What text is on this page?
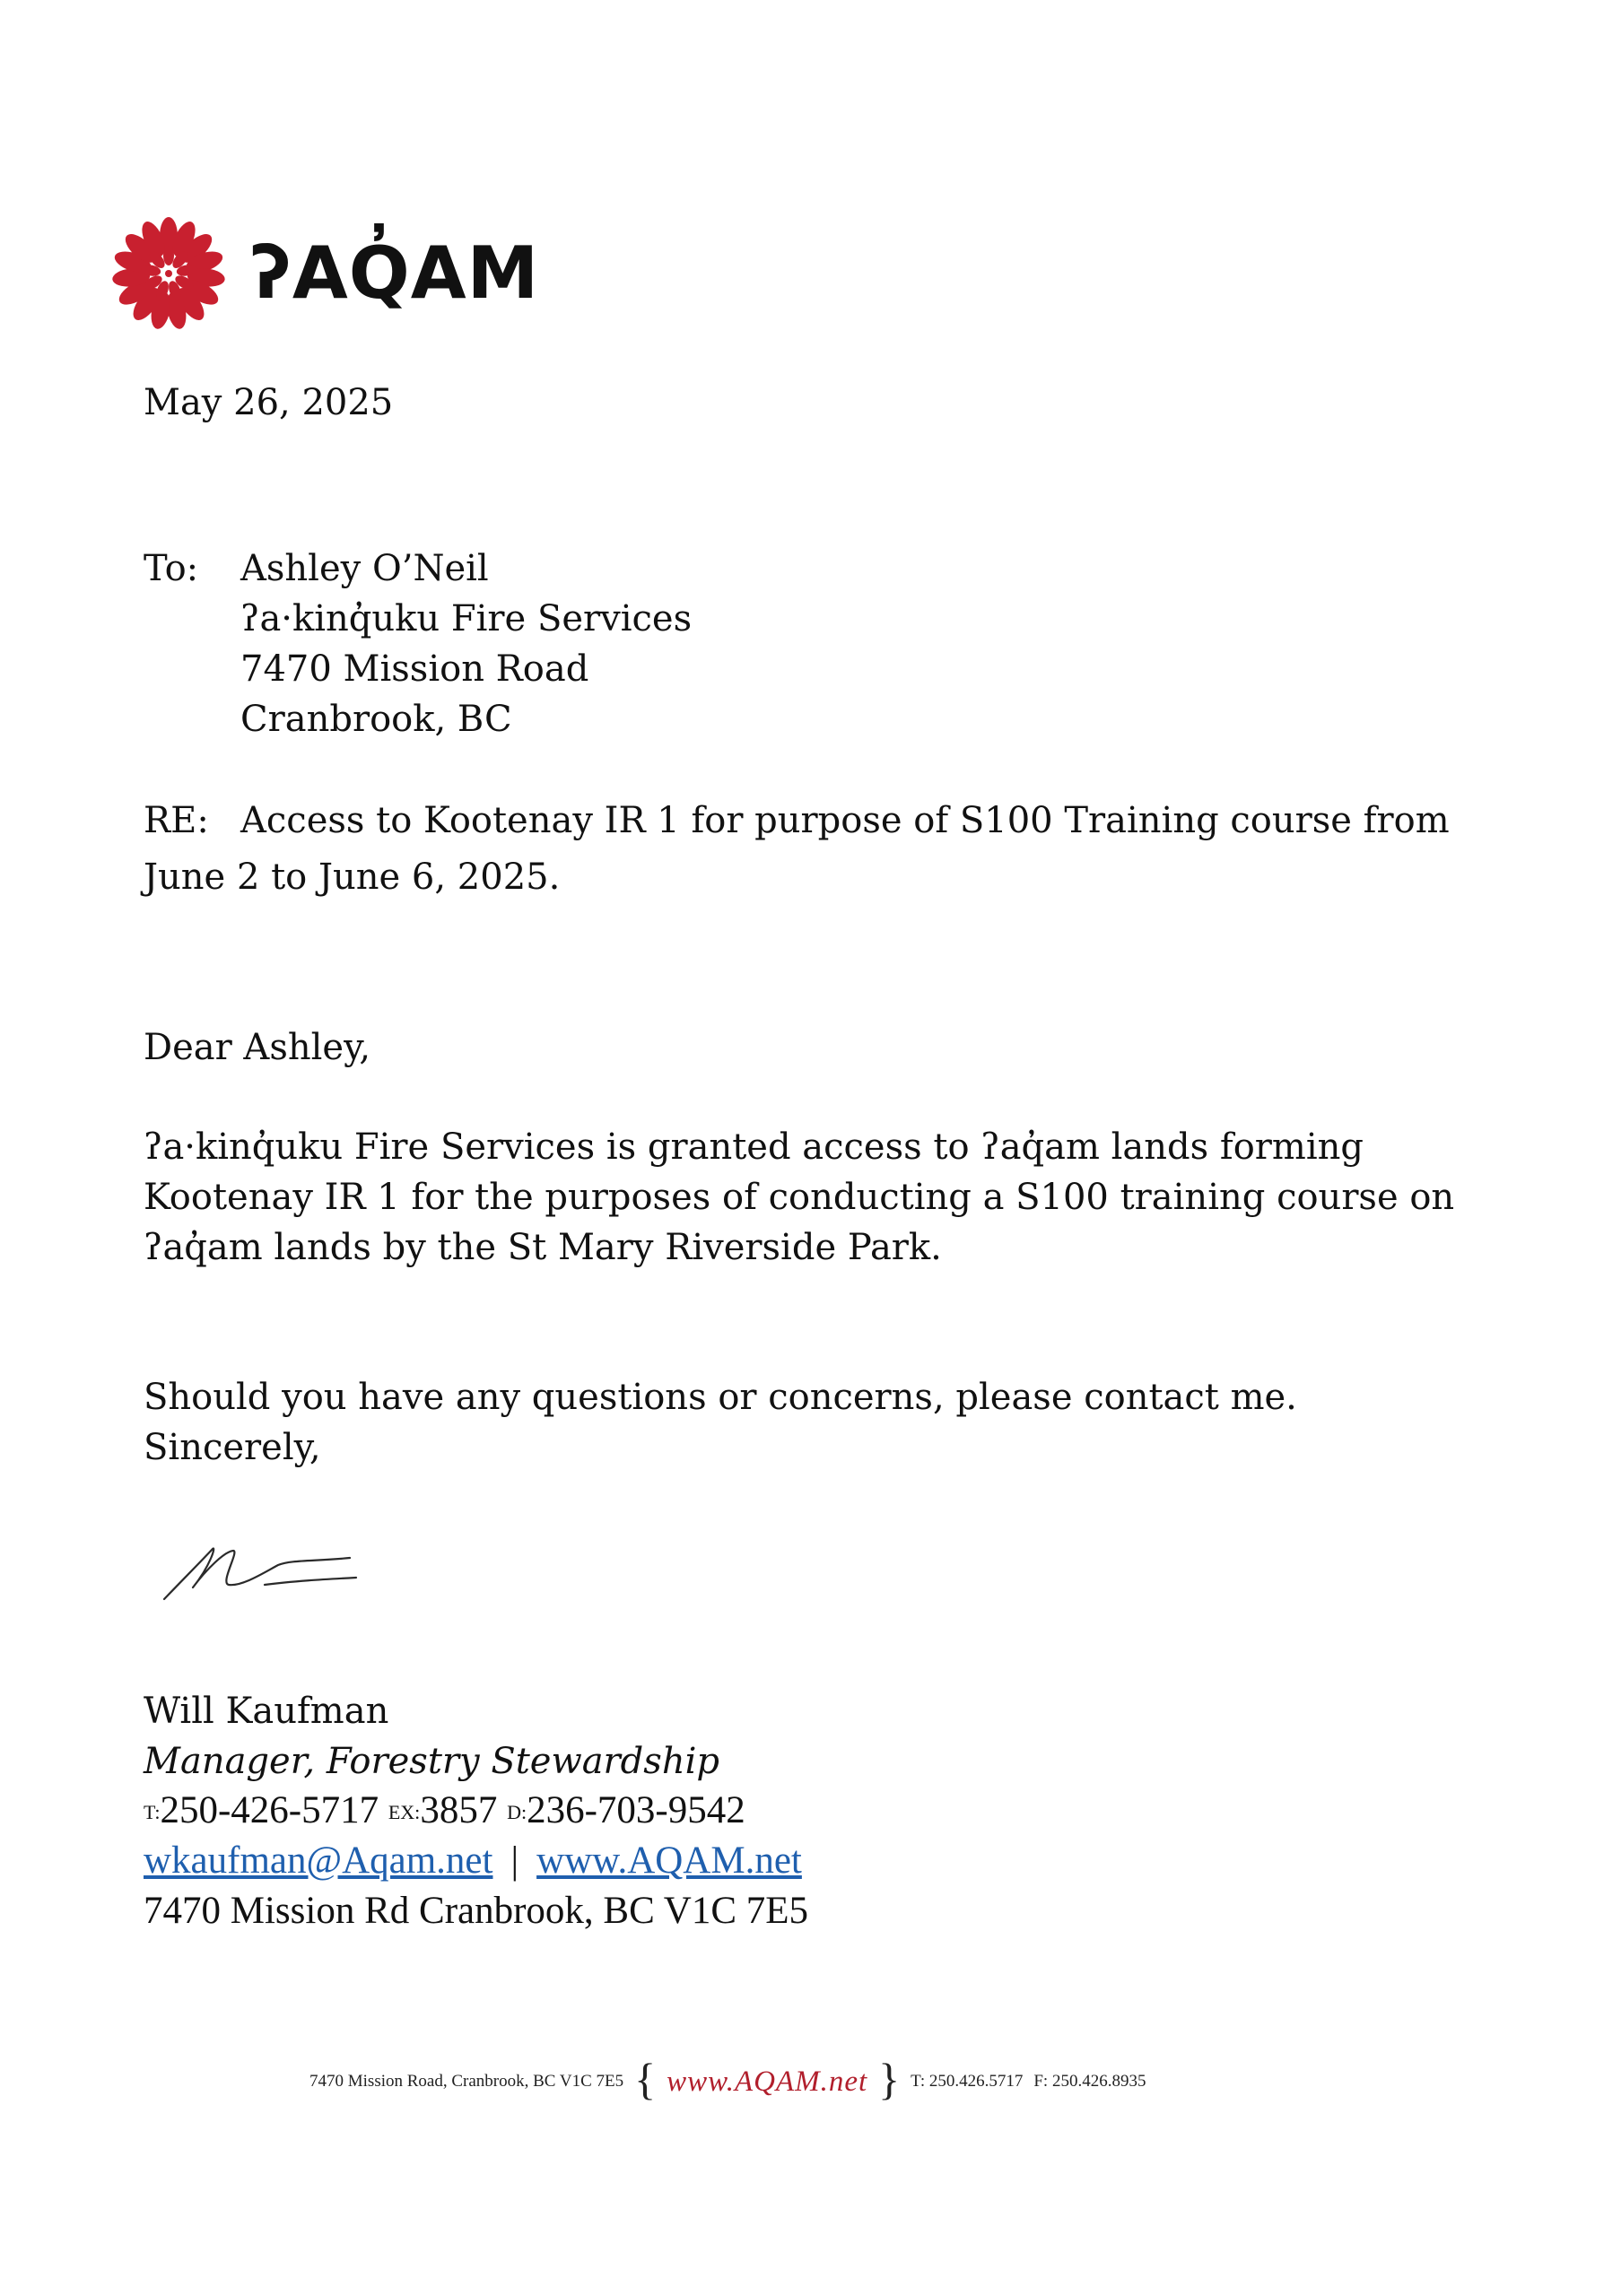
ʔAQ̓AM
May 26, 2025
To: Ashley O’Neil
ʔa·kinq̓uku Fire Services
7470 Mission Road
Cranbrook, BC
RE: Access to Kootenay IR 1 for purpose of S100 Training course from
June 2 to June 6, 2025.
Dear Ashley,
ʔa·kinq̓uku Fire Services is granted access to ʔaq̓am lands forming
Kootenay IR 1 for the purposes of conducting a S100 training course on
ʔaq̓am lands by the St Mary Riverside Park.
Should you have any questions or concerns, please contact me.
Sincerely,
Will Kaufman
Manager, Forestry Stewardship
$^{T:}$250-426-5717 $^{EX:}$3857 $^{D:}$236-703-9542
wkaufman@Aqam.net | www.AQAM.net
7470 Mission Rd Cranbrook, BC V1C 7E5
7470 Mission Road, Cranbrook, BC V1C 7E5 { www.AQAM.net } T: 250.426.5717 F: 250.426.8935
